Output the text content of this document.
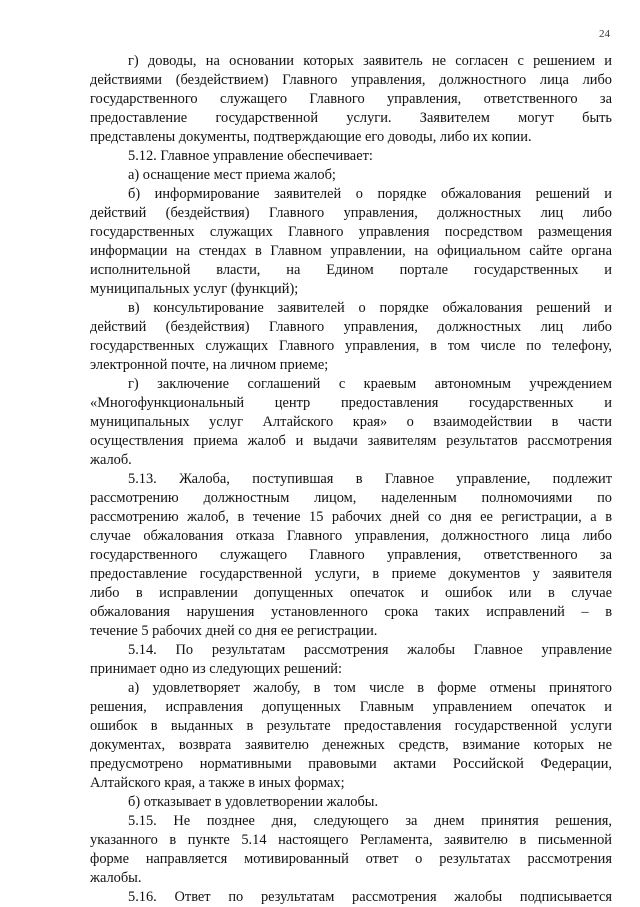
24
г) доводы, на основании которых заявитель не согласен с решением и
действиями (бездействием) Главного управления, должностного лица либо
государственного служащего Главного управления, ответственного за
предоставление государственной услуги. Заявителем могут быть
представлены документы, подтверждающие его доводы, либо их копии.
5.12. Главное управление обеспечивает:
а) оснащение мест приема жалоб;
б) информирование заявителей о порядке обжалования решений и
действий (бездействия) Главного управления, должностных лиц либо
государственных служащих Главного управления посредством размещения
информации на стендах в Главном управлении, на официальном сайте органа
исполнительной власти, на Едином портале государственных и
муниципальных услуг (функций);
в) консультирование заявителей о порядке обжалования решений и
действий (бездействия) Главного управления, должностных лиц либо
государственных служащих Главного управления, в том числе по телефону,
электронной почте, на личном приеме;
г) заключение соглашений с краевым автономным учреждением
«Многофункциональный центр предоставления государственных и
муниципальных услуг Алтайского края» о взаимодействии в части
осуществления приема жалоб и выдачи заявителям результатов рассмотрения
жалоб.
5.13. Жалоба, поступившая в Главное управление, подлежит
рассмотрению должностным лицом, наделенным полномочиями по
рассмотрению жалоб, в течение 15 рабочих дней со дня ее регистрации, а в
случае обжалования отказа Главного управления, должностного лица либо
государственного служащего Главного управления, ответственного за
предоставление государственной услуги, в приеме документов у заявителя
либо в исправлении допущенных опечаток и ошибок или в случае
обжалования нарушения установленного срока таких исправлений – в
течение 5 рабочих дней со дня ее регистрации.
5.14. По результатам рассмотрения жалобы Главное управление
принимает одно из следующих решений:
а) удовлетворяет жалобу, в том числе в форме отмены принятого
решения, исправления допущенных Главным управлением опечаток и
ошибок в выданных в результате предоставления государственной услуги
документах, возврата заявителю денежных средств, взимание которых не
предусмотрено нормативными правовыми актами Российской Федерации,
Алтайского края, а также в иных формах;
б) отказывает в удовлетворении жалобы.
5.15. Не позднее дня, следующего за днем принятия решения,
указанного в пункте 5.14 настоящего Регламента, заявителю в письменной
форме направляется мотивированный ответ о результатах рассмотрения
жалобы.
5.16. Ответ по результатам рассмотрения жалобы подписывается
